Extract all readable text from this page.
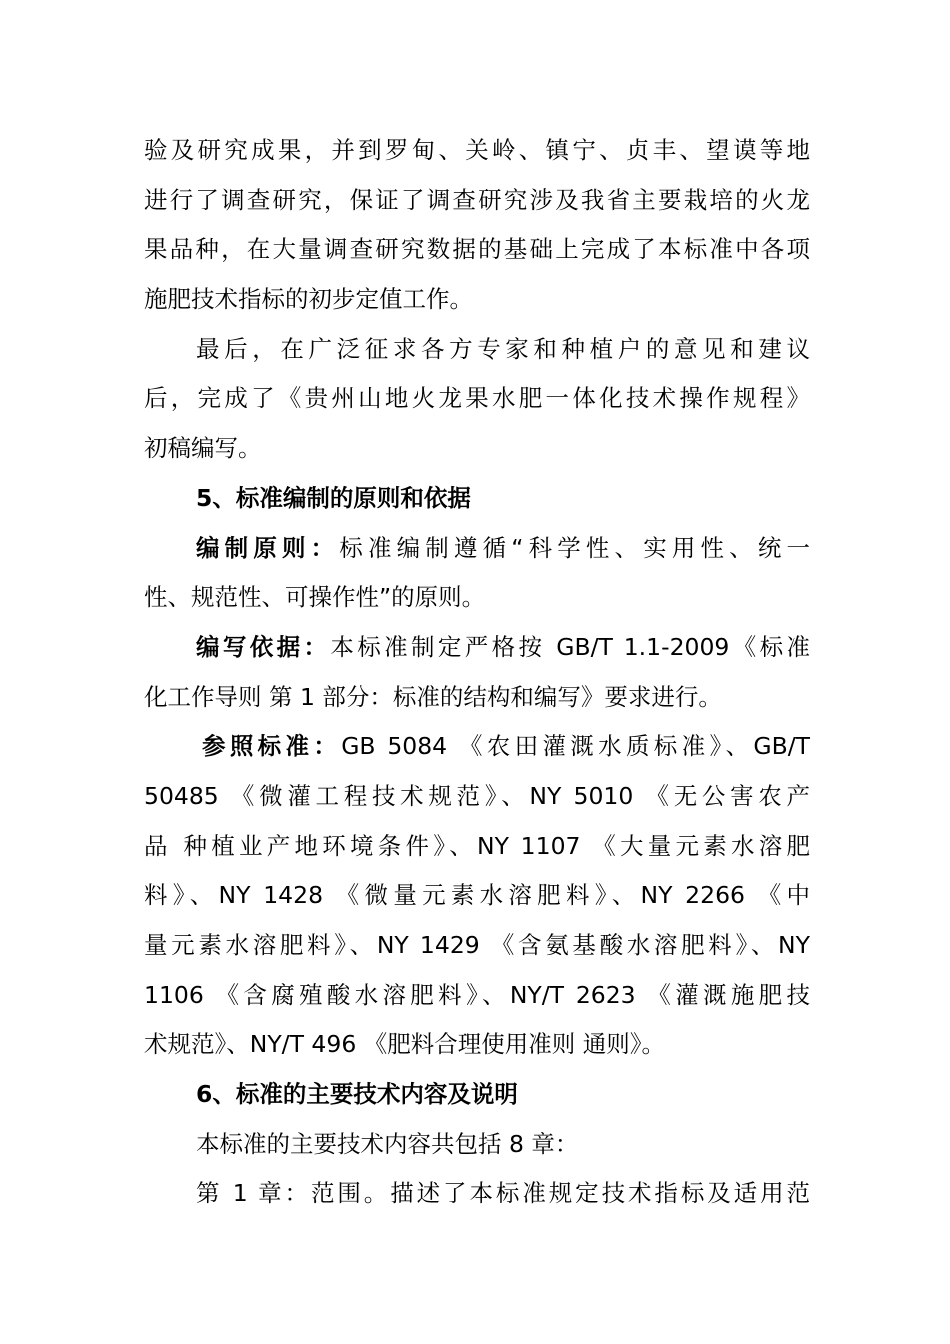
验及研究成果，并到罗甸、关岭、镇宁、贞丰、望谟等地
进行了调查研究，保证了调查研究涉及我省主要栽培的火龙
果品种，在大量调查研究数据的基础上完成了本标准中各项
施肥技术指标的初步定值工作。
最后，在广泛征求各方专家和种植户的意见和建议
后，完成了《贵州山地火龙果水肥一体化技术操作规程》
初稿编写。
5、标准编制的原则和依据
编制原则：标准编制遵循“科学性、实用性、统一
性、规范性、可操作性”的原则。
编写依据：本标准制定严格按 GB/T 1.1-2009《标准
化工作导则 第 1 部分：标准的结构和编写》要求进行。
参照标准：GB 5084 《农田灌溉水质标准》、GB/T
50485 《微灌工程技术规范》、NY 5010 《无公害农产
品 种植业产地环境条件》、NY 1107 《大量元素水溶肥
料》、NY 1428 《微量元素水溶肥料》、NY 2266 《中
量元素水溶肥料》、NY 1429 《含氨基酸水溶肥料》、NY
1106 《含腐殖酸水溶肥料》、NY/T 2623 《灌溉施肥技
术规范》、NY/T 496 《肥料合理使用准则 通则》。
6、标准的主要技术内容及说明
本标准的主要技术内容共包括 8 章：
第 1 章：范围。描述了本标准规定技术指标及适用范
